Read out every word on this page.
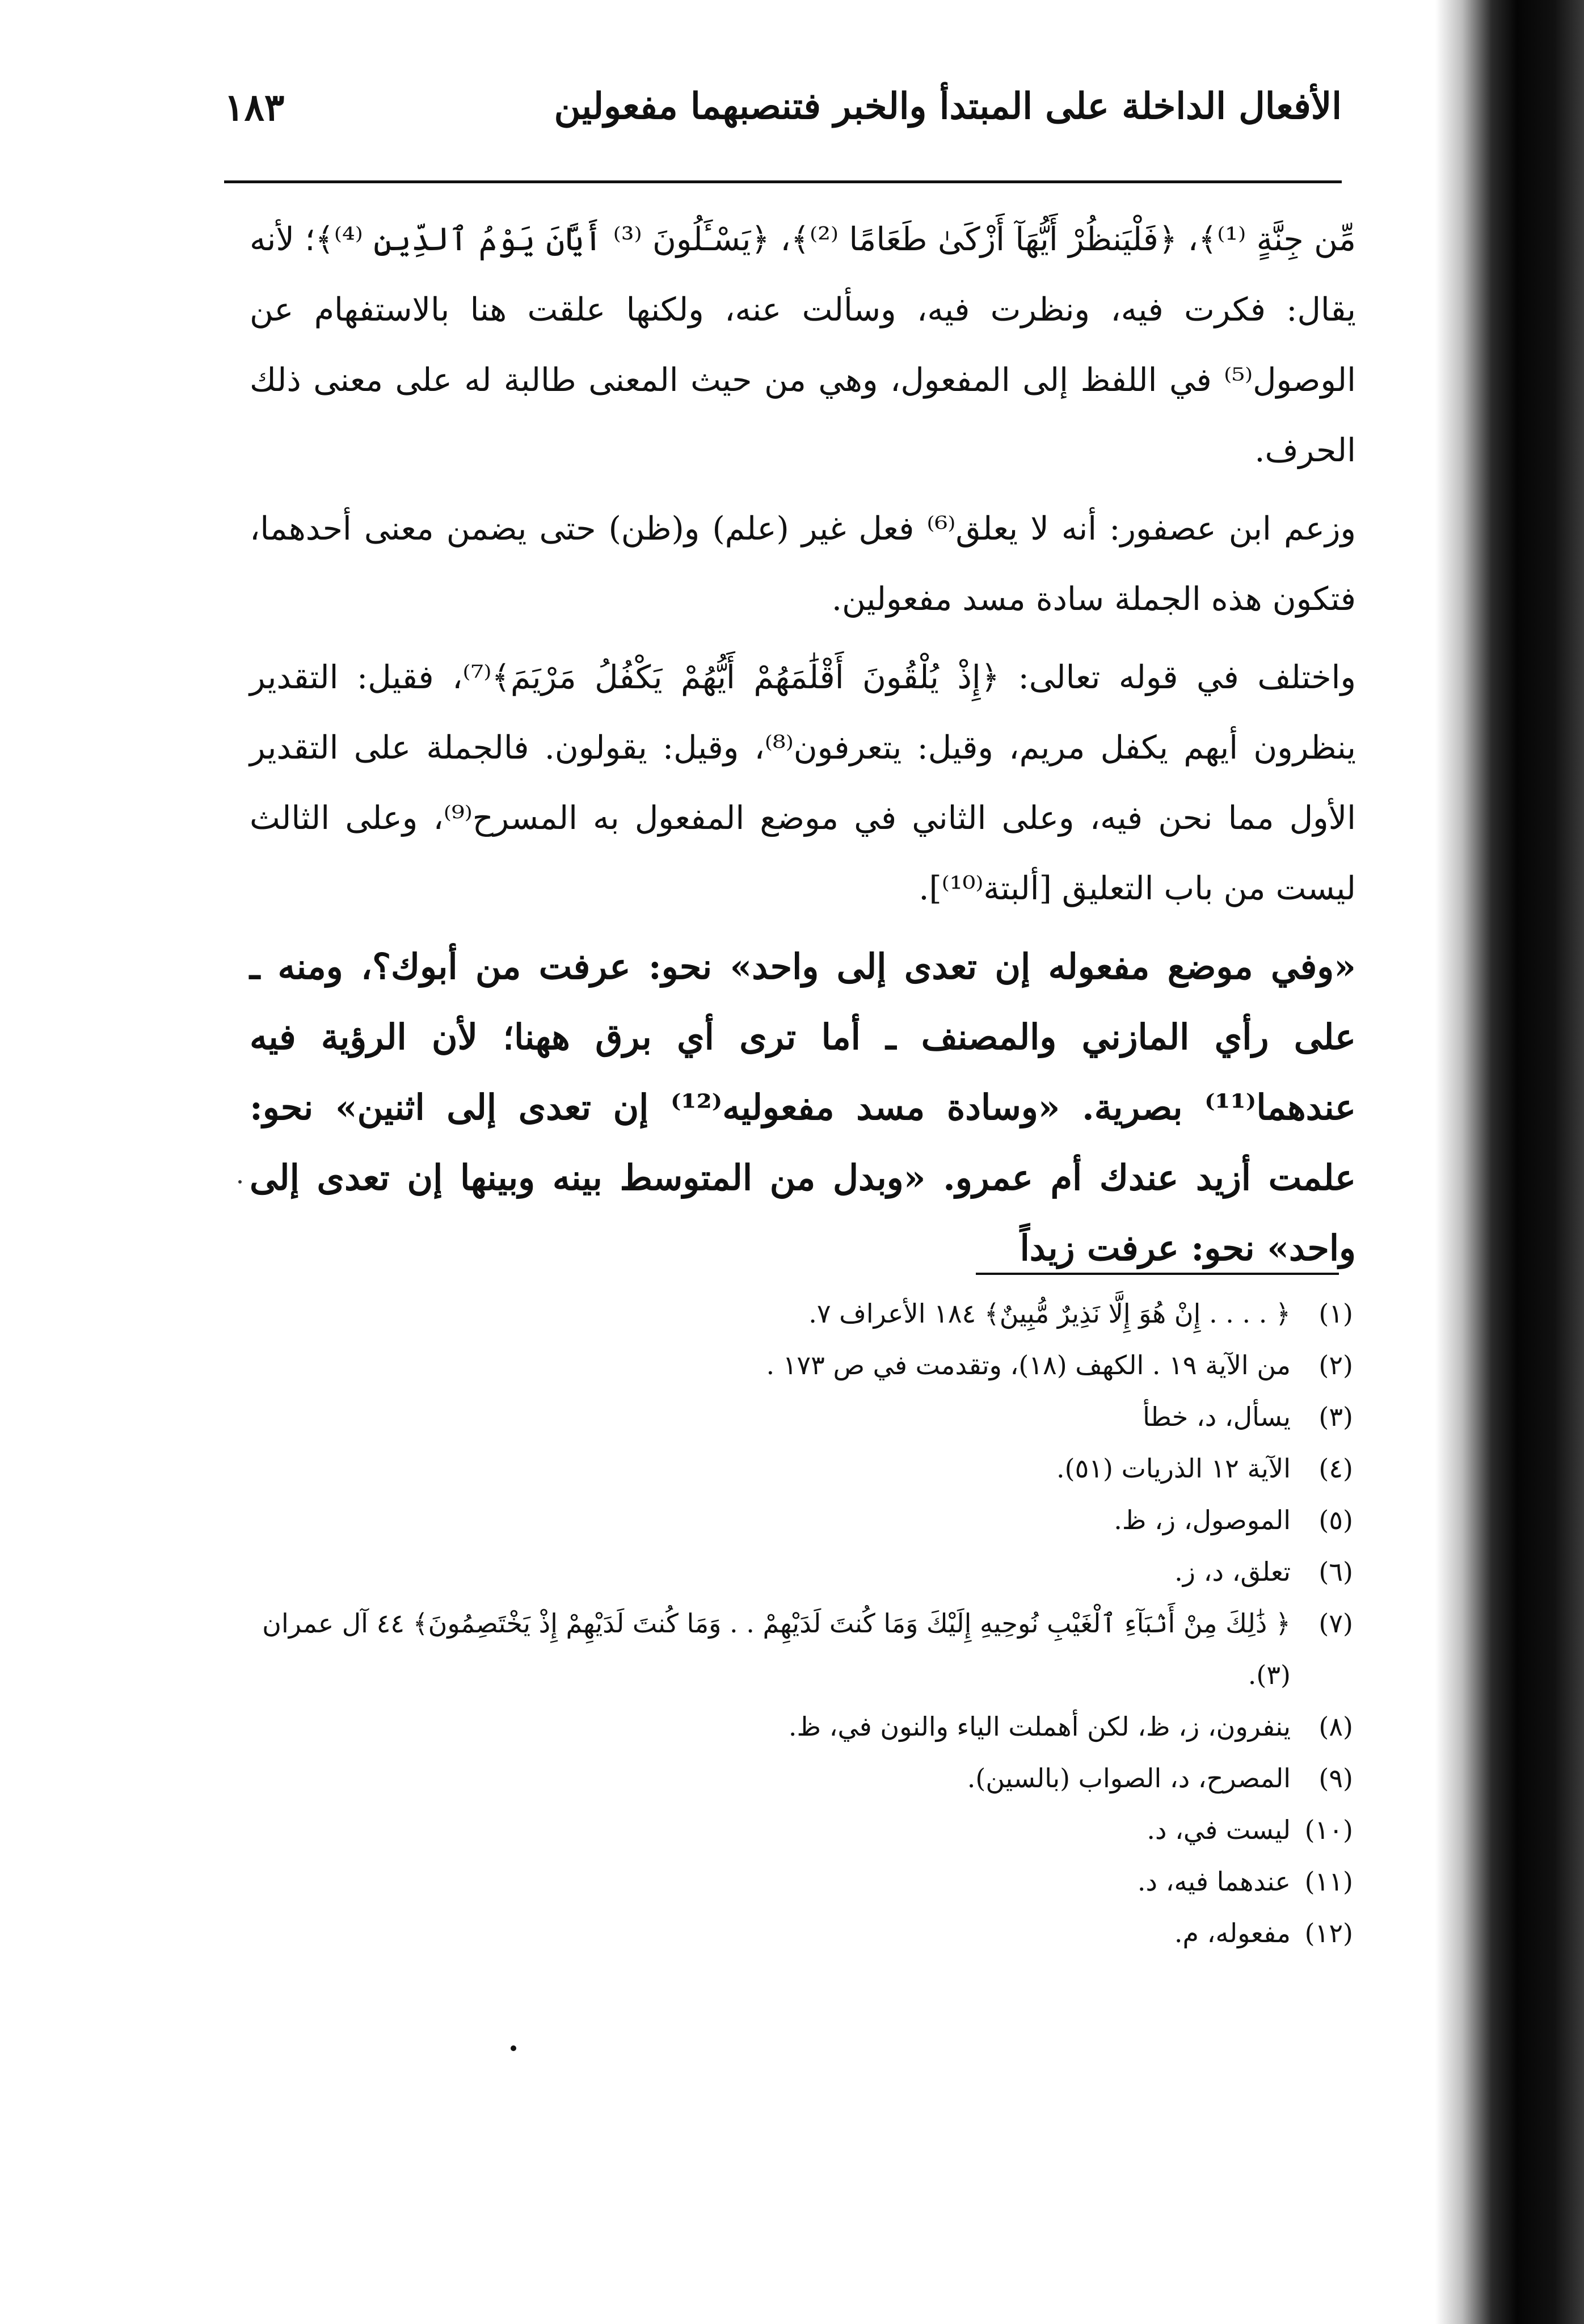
الأفعال الداخلة على المبتدأ والخبر فتنصبهما مفعولين
١٨٣

مِّن جِنَّةٍ ⁽¹⁾﴾، ﴿فَلْيَنظُرْ أَيُّهَآ أَزْكَىٰ طَعَامًا ⁽²⁾﴾، ﴿يَسْـَٔلُونَ ⁽³⁾ أَيَّانَ يَوْمُ ٱلدِّينِ ⁽⁴⁾﴾؛ لأنه يقال: فكرت فيه، ونظرت فيه، وسألت عنه، ولكنها علقت هنا بالاستفهام عن الوصول⁽⁵⁾ في اللفظ إلى المفعول، وهي من حيث المعنى طالبة له على معنى ذلك الحرف.

وزعم ابن عصفور: أنه لا يعلق⁽⁶⁾ فعل غير (علم) و(ظن) حتى يضمن معنى أحدهما، فتكون هذه الجملة سادة مسد مفعولين.

واختلف في قوله تعالى: ﴿إِذْ يُلْقُونَ أَقْلَٰمَهُمْ أَيُّهُمْ يَكْفُلُ مَرْيَمَ﴾⁽⁷⁾، فقيل: التقدير ينظرون أيهم يكفل مريم، وقيل: يتعرفون⁽⁸⁾، وقيل: يقولون. فالجملة على التقدير الأول مما نحن فيه، وعلى الثاني في موضع المفعول به المسرح⁽⁹⁾، وعلى الثالث ليست من باب التعليق [ألبتة⁽¹⁰⁾].

«وفي موضع مفعوله إن تعدى إلى واحد» نحو: عرفت من أبوك؟، ومنه ـ على رأي المازني والمصنف ـ أما ترى أي برق ههنا؛ لأن الرؤية فيه عندهما⁽¹¹⁾ بصرية. «وسادة مسد مفعوليه⁽¹²⁾ إن تعدى إلى اثنين» نحو: علمت أزيد عندك أم عمرو. «وبدل من المتوسط بينه وبينها إن تعدى إلى واحد» نحو: عرفت زيداً

(١)
﴿ . . . . إِنْ هُوَ إِلَّا نَذِيرٌ مُّبِينٌ﴾ ١٨٤ الأعراف ٧.
(٢)
من الآية ١٩ . الكهف (١٨)، وتقدمت في ص ١٧٣ .
(٣)
يسأل، د، خطأ
(٤)
الآية ١٢ الذريات (٥١).
(٥)
الموصول، ز، ظ.
(٦)
تعلق، د، ز.
(٧)
﴿ ذَٰلِكَ مِنْ أَنۢبَآءِ ٱلْغَيْبِ نُوحِيهِ إِلَيْكَ وَمَا كُنتَ لَدَيْهِمْ . . وَمَا كُنتَ لَدَيْهِمْ إِذْ يَخْتَصِمُونَ﴾ ٤٤ آل عمران (٣).
(٨)
ينفرون، ز، ظ، لكن أهملت الياء والنون في، ظ.
(٩)
المصرح، د، الصواب (بالسين).
(١٠)
ليست في، د.
(١١)
عندهما فيه، د.
(١٢)
مفعوله، م.
